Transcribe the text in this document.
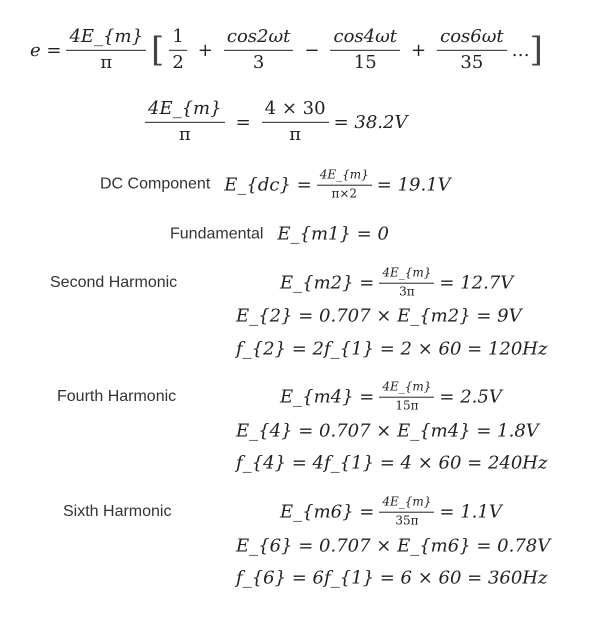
$e = \frac{4E\_\{m\}}{\pi}$ [ $\frac{1}{2} + \frac{\cos 2\omega t}{3} - \frac{\cos 4\omega t}{15} + \frac{\cos 6\omega t}{35}$ … ]
$\frac{4E\_\{m\}}{\pi} = \frac{4 \times 30}{\pi} = 38.2V$
DC Component E_{dc} = $\frac{4E\_\{m\}}{\pi\times 2} = 19.1V$
Fundamental E_{m1} = 0
Second Harmonic	E_{m2} = $\frac{4E\_\{m\}}{3\pi} = 12.7V$
E_{2} = 0.707 × E_{m2} = 9V
f_{2} = 2f_{1} = 2 × 60 = 120Hz
Fourth Harmonic	E_{m4} = $\frac{4E\_\{m\}}{15\pi} = 2.5V$
E_{4} = 0.707 × E_{m4} = 1.8V
f_{4} = 4f_{1} = 4 × 60 = 240Hz
Sixth Harmonic	E_{m6} = $\frac{4E\_\{m\}}{35\pi} = 1.1V$
E_{6} = 0.707 × E_{m6} = 0.78V
f_{6} = 6f_{1} = 6 × 60 = 360Hz
